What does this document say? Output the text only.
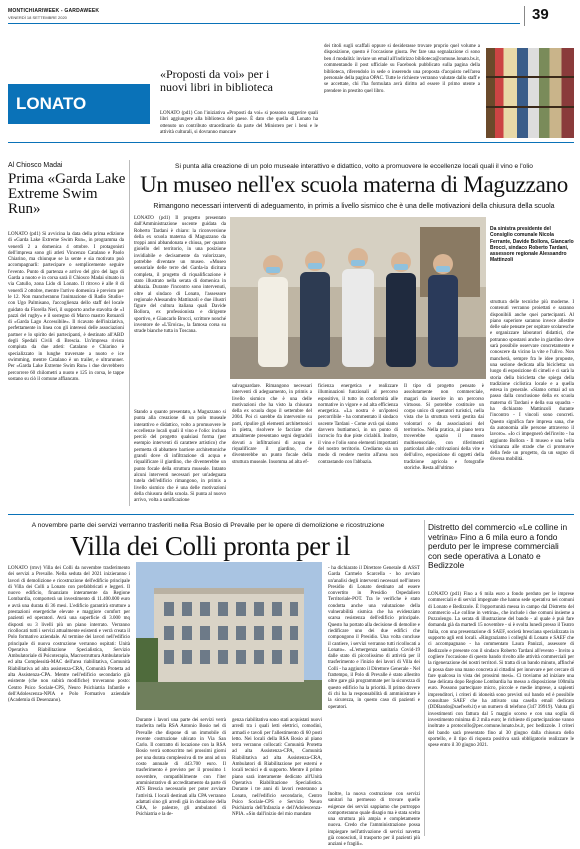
MONTICHIARIWEEK - GARDAWEEK
VENERDÌ 18 SETTEMBRE 2020	39
LONATO
«Proposti da voi» per i nuovi libri in biblioteca
LONATO (pd1) Con l'iniziativa «Proposti da voi» si possono suggerire quali libri aggiungere alla biblioteca del paese. È dato che quella di Lonato ha ottenuto un contributo straordinario da parte del Ministero per i beni e le attività culturali, si dovranno mancare
dei titoli sugli scaffali oppure si desiderasse trovare proprio quel volume a disposizione, questo è l'occasione giusta. Per fare una segnalazione ci sono ben 4 modalità: inviare un email all'indirizzo biblioteca@comune.lonato.bs.it, commentando il post ufficiale su Facebook pubblicato sulla pagina della biblioteca, riferendolo in sede o inserendo una proposta d'acquisto nell'area personale della pagina OPAC. Tutte le richieste verranno valutate dallo staff e se accettate, chi l'ha formulata avrà diritto ad essere il primo utente a prendere in prestito quel libro.
Al Chiosco Madai
Prima «Garda Lake Extreme Swim Run»
LONATO (pd1) Si avvicina la data della prima edizione di «Garda Lake Extreme Swim Run», in programma da venerdì 2 a domenica 4 ottobre. I protagonisti dell'impresa sono gli atleti Vincenzo Catalano e Paolo Chiarino, ma chiunque se la sente e sia motivato può accompagnarli: partecipare o semplicemente seguire l'evento. Punto di partenza e arrivo del giro del lago di Garda a nuoto e in corsa sarà il Chiosco Madai situato in via Catullo, zona Lido di Lonato. Il ritrovo è alle 8 di venerdì 2 ottobre, mentre l'arrivo domenica è previsto per le 12. Non mancheranno l'animazione di Radio Studio+ con Ugo Palmisano, l'accoglienza dello staff del locale guidato da Fiorella Neri, il supporto anche stavolta de «I pazzi del rugby» e il sostegno di Marco mastro Rotuardi di «Garda Lago Accessibile». Il ricavato dell'iniziativa, perfettamente in linea con gli interessi delle associazioni partner e lo spirito dei partecipanti, è destinato all'ABD degli Spedali Civili di Brescia. Un'impresa rivista compiuta da due atleti: Catalano e Chiarino è specializzato in lunghe traversate a nuoto e ice swimming, mentre Catalano è un trailer, e ultrarunner. Per «Garda Lake Extreme Swim Run» i due dovrebbero percorrere 60 chilometri a nuoto e 125 in corsa, le tappe sostano su ciò il comune affiancato.
Si punta alla creazione di un polo museale interattivo e didattico, volto a promuovere le eccellenze locali quali il vino e l'olio
Un museo nell'ex scuola materna di Maguzzano
Rimangono necessari interventi di adeguamento, in primis a livello sismico che è una delle motivazioni della chiusura della scuola
LONATO (pd1) Il progetto presentato dall'Amministrazione uscente guidata da Roberto Tardani è chiaro: la riconversione della ex scuola materna di Maguzzano da troppi anni abbandonata e chiusa, per quanto gioiello del territorio, in una posizione invidiabile e decisamente da valorizzare, potrebbe diventare un museo. «Museo sensoriale delle terre del Garda-la dicitura completa, il progetto di riqualificazione è stato illustrato nella serata di domenica in abbazia. Durante l'incontro sono intervenuti, oltre al sindaco di Lonato, l'assessore regionale Alessandro Mattinzoli e due illustri figure del cultura italiana quali Davide Bollora, ex professionista e dirigente sportivo, e Giancarlo Brocci, scrittore nonché inventore de «L'Eroica», la famosa corsa su strade bianche tutta in Toscana.
Stando a quanto presentato, a Maguzzano si punta alla creazione di un polo museale interattivo e didattico, volto a promuovere le eccellenze locali quali il vino e l'olio: inclusa perciò del progetto qualsiasi forma (per esempio interventi di carattere artistico) che permetta di abbattere barriere architettoniche grandi dove di infiltrazione di acqua e riqualificare il giardino, che diventerebbe un punto focale della struttura museale. Intanto alcuni interventi necessari per un'adeguata tutela dell'edificio rimangono, in primis a livello sismico che è una delle motivazioni della chiusura della scuola. Si punta al nuovo arrivo, volta a sanificazione
salvaguardare. Rimangono necessari interventi di adeguamento, in primis a livello sismico che è una delle motivazioni che ha visto la chiusura della ex scuola dopo il settembre del 2004. Poi ci sarebbe da intervenire su parti, ripulire gli elementi architettonici in pietra, risolvere le facciate che attualmente presentano segni degradoli dovuti a infiltrazioni di acqua e riqualificare il giardino, che diventerebbe un punto focale della struttura museale. Insomma ad alta ef-
ficienza energetica e realizzare illuminazioni funzionali al percorso espositivo, il tutto in conformità alle normative in vigore e ad alta efficienza energetica. «La nostra è un'ipotesi percorribile - ha commentato il sindaco uscente Tardani - Come avrà qui siamo davvero buttiamoci, in un punto di incrocio fra due piste ciclabili. Inoltre, il vino e l'olio sono elementi importanti del nostro territorio. Crediamo sia un modo di rendere merito all'area non contrastando con l'abbazia.
Il tipo di progetto pensato è assolutamente non commerciale, magari da inserire in un percorso virtuoso. Si potrebbe costituire un corpo unico di operatori turistici, nella vista che la struttura verrà gestita dai volontari o da associazioni del territorio». Nella pratica, al piano terra troverebbe spazio il museo multisensoriale, con riferimenti particolari alle coltivazioni della vite e dell'ulivo, esposizione di oggetti della tradizione agricola e fotografie storiche. Resta all'ultimo
struttura delle tecniche più moderne. I contenuti verranno proiettati e saranno disponibili anche quei partecipanti. Al piano superiore saranno invece allestite delle sale pensate per ospitare scolaresche e organizzare laboratori didattici, che potranno spostarsi anche in giardino dove sarà possibile osservare concretamente e conoscere da vicino la vite e l'ulivo. Non mancherà, sempre fra le idee proposte, una sezione dedicata alla bicicletta: un luogo di esposizione di cimeli e ci sarà la storia della bicicletta che spiega della tradizione ciclistica locale e a quella estesa in generale. «Siamo ormai ad un passo dalla conclusione della ex scuola materna di Tardani e della sua squadra - ha dichiarato Mattinzoli durante l'incontro - I vincoli sono concreti. Questo significa fare impresa sana, che da autonomia alle persone attraverso il lavoro». «Io ci impegnerò dell'invito - ha aggiunto Bollora - Il museo e una bella vicinanza alle strade che ci promuove della fede un progetto, da un sogno di diversa mobilità.
Da sinistra presidente del Consiglio comunale Nicola Ferrante, Davide Bollora, Giancarlo Brocci, sindaco Roberto Tardani, assessore regionale Alessandro Mattinzoli
A novembre parte dei servizi verranno trasferiti nella Rsa Bosio di Prevalle per le opere di demolizione e ricostruzione
Villa dei Colli pronta per il
LONATO (rmv) Villa dei Colli da novembre trasferimento dei servizi a Prevalle. Nella seduta del 2021 inizieranno i lavori di demolizione e ricostruzione dell'edificio principale di Villa dei Colli a Lonato con prefabbricati e leggeri. Il nuovo edificio, finanziato interamente da Regione Lombardia, comporterà un investimento di 11.400.000 euro e avrà una durata di 36 mesi. L'edificio garantirà strutture a prestazioni energetiche elevate e maggiore comfort per pazienti ed operatori. Avrà una superficie di 3.000 mq disposti su 3 livelli più un piano interrato. Verranno ricollocati tutti i servizi attualmente esistenti e verrà creata il Polo formativo aziendale. Al termine dei lavori nell'edificio principale di nuova costruzione verranno ospitati: Unità Operativa Riabilitazione Specialistica, Servizio Ambulatoriale di Psicoterapia, Macrostruttura Ambulatoriale ed alta Complessità-MAC dell'area riabilitativa, Comunità Riabilitativa ad alta assistenza-CRA, Comunità Protetta ad alta Assistenza-CPA. Mentre nell'edificio secondario già esistente (che non subirà modifiche) troveranno posto: Centro Psico Sociale-CPS, Neuro Psichiatria Infantile e dell'Adolescenza-NPIA e Polo Formativo aziendale (Academia di Desenzano).
Durante i lavori una parte dei servizi verrà trasferita nella RSA Antonio Bosio nel di Prevalle che dispone di un immobile di recente costruzione ubicato in Via San Carlo. Il contratto di locazione con la RSA Bosio verrà sottoscritto nei prossimi giorni per una durata complessiva di tre anni ad un costo annuale di 443.700 euro. Il trasferimento è previsto per il prossimo 1 novembre, compatibilmente con l'iter amministrativo di accreditamento da parte di ATS Brescia necessario per poter avviare l'attività. I locali destinati alla CPA verranno adattati sino gli arredi già in dotazione della CRA, le palestre, gli ambulatori di Psichiatria e la de-
genza riabilitativa sono stati acquistati nuovi arredi tra i quali letti elettrici, comodini, armadi e tavoli per l'allestimento di 60 posti letto. Nei locali della RSA Bosio al piano terra verranno collocati: Comunità Protetta ad alta Assistenza-CPA, Comunità Riabilitativa ad alta Assistenza-CRA, Ambulatori di Riabilitazione per esterni e locali tecnici e di supporto. Mentre il primo piano sarà interamente dedicato all'Unità Operativa Riabilitazione Specialistica. Durante i tre anni di lavori resteranno a Lonato, nell'edificio secondario, Centro Psico Sociale-CPS e Servizio Neuro Psichiatria dell'Infanzia e dell'Adolescenza-NPIA. «Sin dall'inizio del mio mandato
- ha dichiarato il Direttore Generale di ASST Garda Carmelo Scarcella - ho avviato un'analisi degli interventi necessari nell'intero Presidio di Lonato destinato ad essere convertito in Presidio Ospedaliero Territoriale-POT. Tra le verifiche è stato condotta anche una valutazione della vulnerabilità sismica che ha evidenziato scarsa resistenza dell'edificio principale. Questo ha portato alla decisione di demolire e riedificare uno dei due edifici che compongono il Presidio. Una volta concluse il cantiere, i servizi verranno tutti ricollocati a Lonato». «L'emergenza sanitaria Covid-19 dalle stato di piccolissimo di attività per il trasferimento e l'inizio dei lavori di Villa dei Colli - ha aggiunto il Direttore Generale - Nel frattempo, il Polo di Prevalle è stato allestito oltre gare già programmate per la sicurezza di questo edificio ha la priorità. Il primo dovere di chi ha la responsabilità di amministrare è la sicurezza, in questo caso di pazienti e operatori.
Inoltre, la nuova costruzione con servizi sanitari ha permesso di trovare quelle esigenze dei servizi sappiamo che purtroppo comporteranno quale disagio ma è stata scelta una struttura più ampia e completamente nuova. Credo che l'amministrazione possa impiegare nell'attivazione di servizi navetta già conosciuti, il trasporto per il pazienti più anziani e fragili».
Distretto del commercio «Le colline in vetrina» Fino a 6 mila euro a fondo perduto per le imprese commerciali con sede operativa a Lonato e Bedizzole
LONATO (pd1) Fino a 6 mila euro a fondo perduto per le imprese commerciali e di servizi impegnate che hanno sede operativa nei comuni di Lonato e Bedizzole. È l'opportunità messa in campo dal Distretto del commercio «Le colline in vetrina», che include i due comuni insieme a Pozzolengo. La serata di illustrazione del bando - al quale è può fare domanda già da martedì 15 novembre - si è svolta lunedì presso il Teatro Italia, con una presentazione di SAEF, società bresciana specializzata in supporto agli enti locali. «Ringraziamo i colleghi di Lonato e SAEF che ci accompagnano - ha commentato Laura Panizzi, assessore di Bedizzole e presente con il sindaco Roberto Tardani all'evento - Invito a cogliere l'occasione di questo bando rivolto alle attività commerciali per la rigenerazione dei nostri territori. Si tratta di un bando minuto, affinché si possa dare una mano concreta ai cittadini per innovare e per cercare di fare qualcosa in vista dei prossimi mesi». Ci troviamo ad iniziare una fase delicata dopo Regione Lombardia ha messo a disposizione 100mila euro. Possono partecipare micro, piccole e medie imprese, a sapienti imprenditori, i criteri di idoneità sono previsti sul bando ed è possibile consultare SAEF che ha attivato una casella email dedicata (DDBando@saefweb.it) e un numero di telefono (347 39919). Valuta gli investimenti con fattura dal 5 maggio scorso e con una soglia di investimento minima di 2 mila euro; le richieste di partecipazione vanno inoltrate a protocollo@pec.comune.lonato.bs.it, pec bedizzole. I criteri del bando sarà presentato fino al 30 giugno dalla chiusura dello sportello, e il tipo di risposta positiva sarà obbligatorio realizzare le spese entro il 30 giugno 2021.
